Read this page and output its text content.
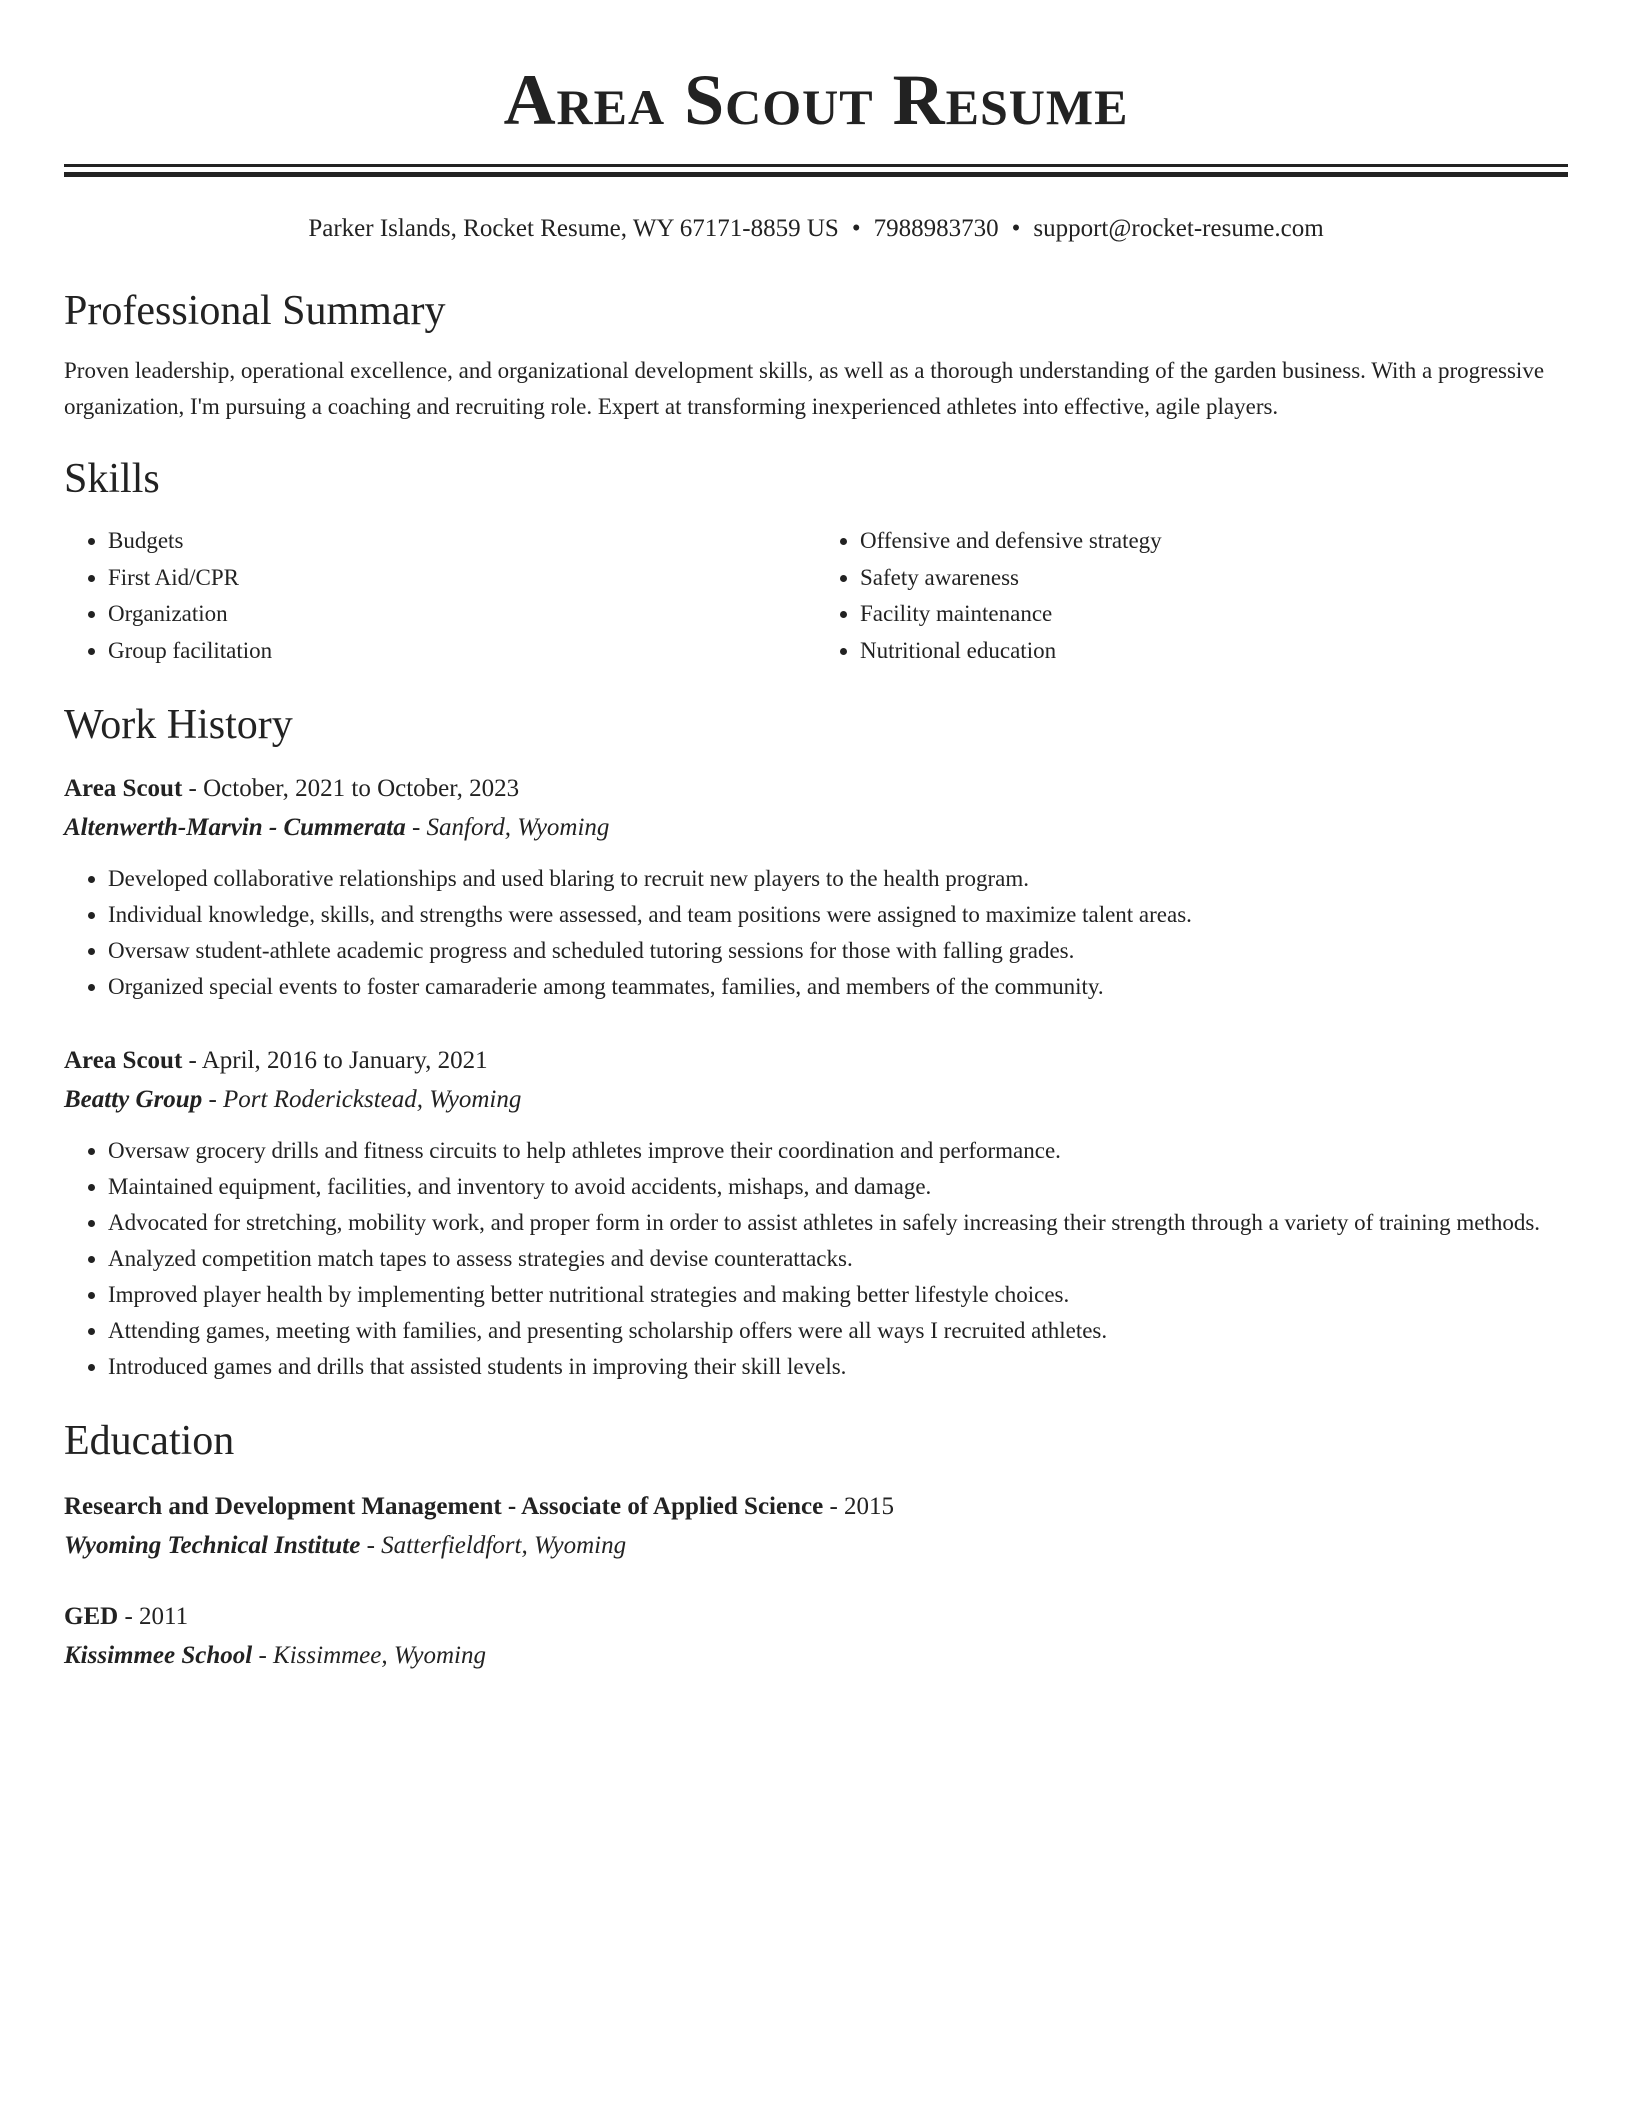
Area Scout Resume
Parker Islands, Rocket Resume, WY 67171-8859 US • 7988983730 • support@rocket-resume.com
Professional Summary
Proven leadership, operational excellence, and organizational development skills, as well as a thorough understanding of the garden business. With a progressive organization, I'm pursuing a coaching and recruiting role. Expert at transforming inexperienced athletes into effective, agile players.
Skills
• Budgets
• First Aid/CPR
• Organization
• Group facilitation
• Offensive and defensive strategy
• Safety awareness
• Facility maintenance
• Nutritional education
Work History
Area Scout - October, 2021 to October, 2023
Altenwerth-Marvin - Cummerata - Sanford, Wyoming
• Developed collaborative relationships and used blaring to recruit new players to the health program.
• Individual knowledge, skills, and strengths were assessed, and team positions were assigned to maximize talent areas.
• Oversaw student-athlete academic progress and scheduled tutoring sessions for those with falling grades.
• Organized special events to foster camaraderie among teammates, families, and members of the community.
Area Scout - April, 2016 to January, 2021
Beatty Group - Port Roderickstead, Wyoming
• Oversaw grocery drills and fitness circuits to help athletes improve their coordination and performance.
• Maintained equipment, facilities, and inventory to avoid accidents, mishaps, and damage.
• Advocated for stretching, mobility work, and proper form in order to assist athletes in safely increasing their strength through a variety of training methods.
• Analyzed competition match tapes to assess strategies and devise counterattacks.
• Improved player health by implementing better nutritional strategies and making better lifestyle choices.
• Attending games, meeting with families, and presenting scholarship offers were all ways I recruited athletes.
• Introduced games and drills that assisted students in improving their skill levels.
Education
Research and Development Management - Associate of Applied Science - 2015
Wyoming Technical Institute - Satterfieldfort, Wyoming
GED - 2011
Kissimmee School - Kissimmee, Wyoming
